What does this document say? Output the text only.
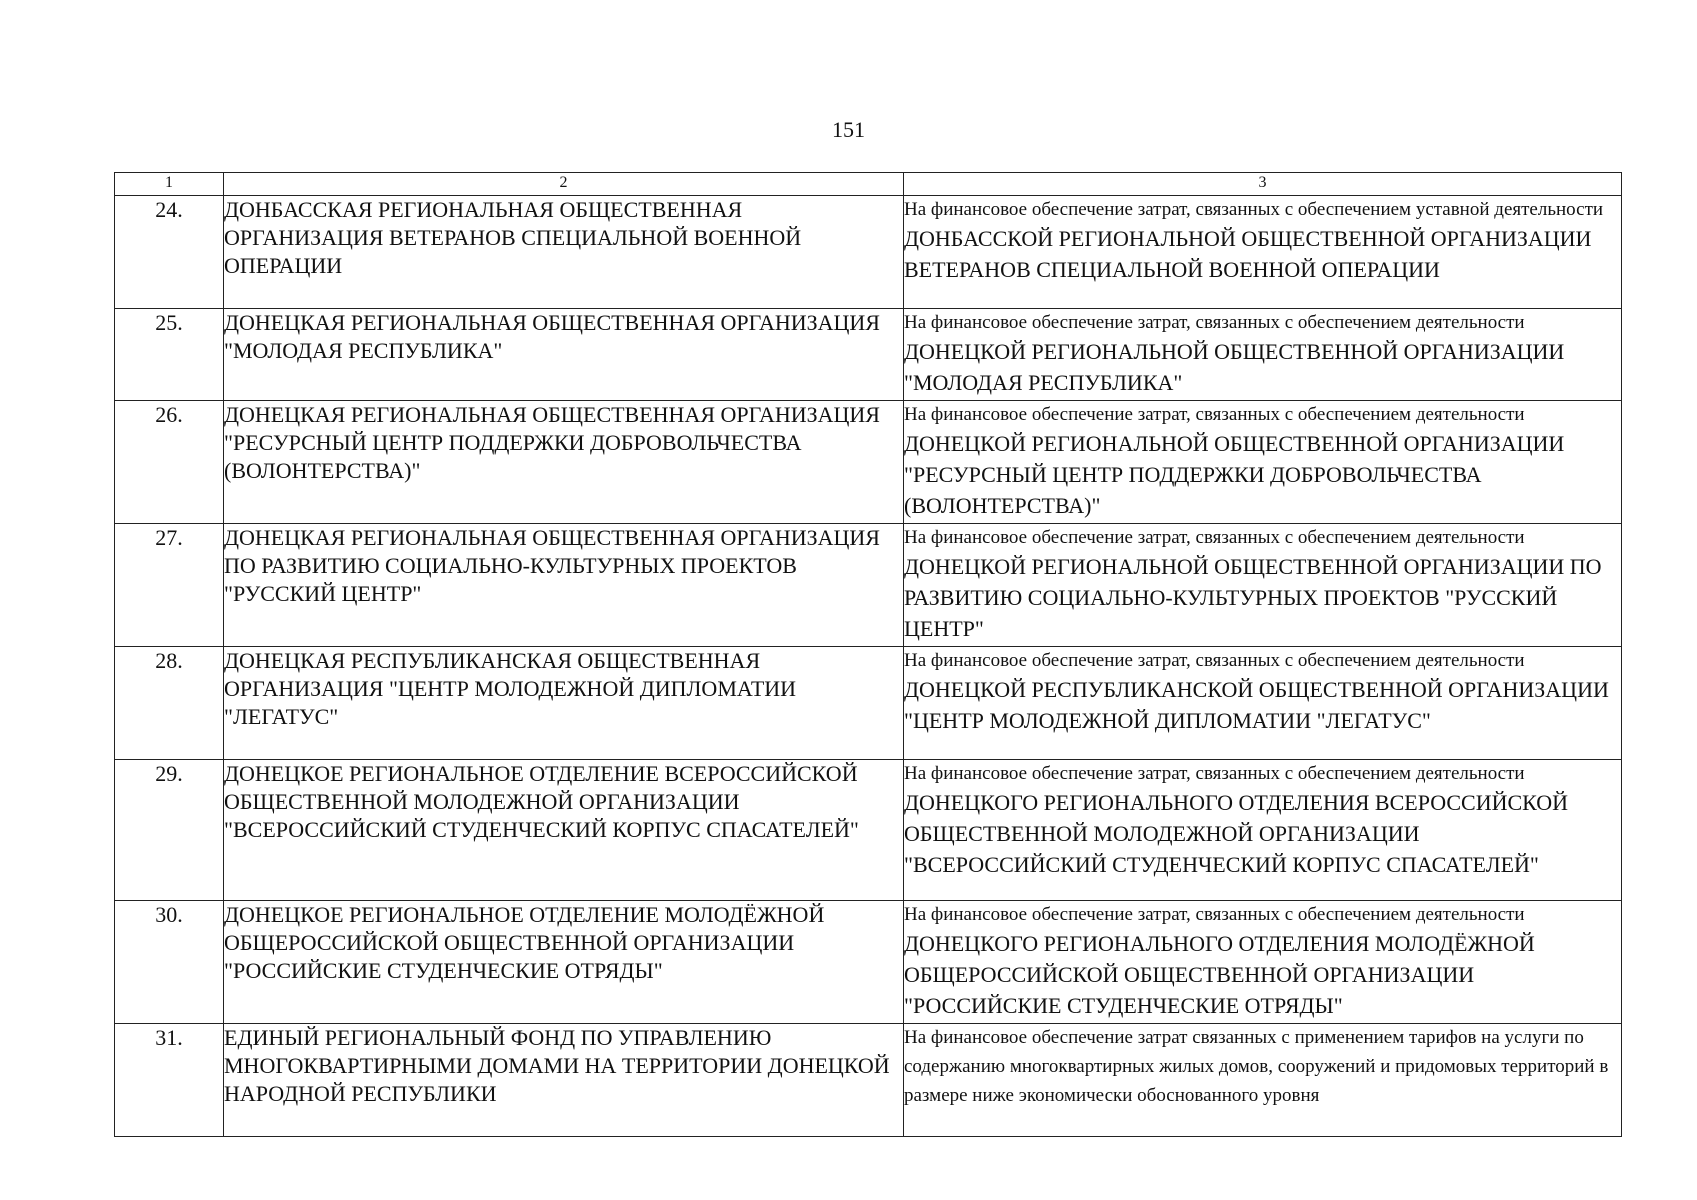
151
1	2	3
24.	ДОНБАССКАЯ РЕГИОНАЛЬНАЯ ОБЩЕСТВЕННАЯ ОРГАНИЗАЦИЯ ВЕТЕРАНОВ СПЕЦИАЛЬНОЙ ВОЕННОЙ ОПЕРАЦИИ	На финансовое обеспечение затрат, связанных с обеспечением уставной деятельности ДОНБАССКОЙ РЕГИОНАЛЬНОЙ ОБЩЕСТВЕННОЙ ОРГАНИЗАЦИИ ВЕТЕРАНОВ СПЕЦИАЛЬНОЙ ВОЕННОЙ ОПЕРАЦИИ
25.	ДОНЕЦКАЯ РЕГИОНАЛЬНАЯ ОБЩЕСТВЕННАЯ ОРГАНИЗАЦИЯ "МОЛОДАЯ РЕСПУБЛИКА"	На финансовое обеспечение затрат, связанных с обеспечением деятельности ДОНЕЦКОЙ РЕГИОНАЛЬНОЙ ОБЩЕСТВЕННОЙ ОРГАНИЗАЦИИ "МОЛОДАЯ РЕСПУБЛИКА"
26.	ДОНЕЦКАЯ РЕГИОНАЛЬНАЯ ОБЩЕСТВЕННАЯ ОРГАНИЗАЦИЯ "РЕСУРСНЫЙ ЦЕНТР ПОДДЕРЖКИ ДОБРОВОЛЬЧЕСТВА (ВОЛОНТЕРСТВА)"	На финансовое обеспечение затрат, связанных с обеспечением деятельности ДОНЕЦКОЙ РЕГИОНАЛЬНОЙ ОБЩЕСТВЕННОЙ ОРГАНИЗАЦИИ "РЕСУРСНЫЙ ЦЕНТР ПОДДЕРЖКИ ДОБРОВОЛЬЧЕСТВА (ВОЛОНТЕРСТВА)"
27.	ДОНЕЦКАЯ РЕГИОНАЛЬНАЯ ОБЩЕСТВЕННАЯ ОРГАНИЗАЦИЯ ПО РАЗВИТИЮ СОЦИАЛЬНО-КУЛЬТУРНЫХ ПРОЕКТОВ "РУССКИЙ ЦЕНТР"	На финансовое обеспечение затрат, связанных с обеспечением деятельности ДОНЕЦКОЙ РЕГИОНАЛЬНОЙ ОБЩЕСТВЕННОЙ ОРГАНИЗАЦИИ ПО РАЗВИТИЮ СОЦИАЛЬНО-КУЛЬТУРНЫХ ПРОЕКТОВ "РУССКИЙ ЦЕНТР"
28.	ДОНЕЦКАЯ РЕСПУБЛИКАНСКАЯ ОБЩЕСТВЕННАЯ ОРГАНИЗАЦИЯ "ЦЕНТР МОЛОДЕЖНОЙ ДИПЛОМАТИИ "ЛЕГАТУС"	На финансовое обеспечение затрат, связанных с обеспечением деятельности ДОНЕЦКОЙ РЕСПУБЛИКАНСКОЙ ОБЩЕСТВЕННОЙ ОРГАНИЗАЦИИ "ЦЕНТР МОЛОДЕЖНОЙ ДИПЛОМАТИИ "ЛЕГАТУС"
29.	ДОНЕЦКОЕ РЕГИОНАЛЬНОЕ ОТДЕЛЕНИЕ ВСЕРОССИЙСКОЙ ОБЩЕСТВЕННОЙ МОЛОДЕЖНОЙ ОРГАНИЗАЦИИ "ВСЕРОССИЙСКИЙ СТУДЕНЧЕСКИЙ КОРПУС СПАСАТЕЛЕЙ"	На финансовое обеспечение затрат, связанных с обеспечением деятельности ДОНЕЦКОГО РЕГИОНАЛЬНОГО ОТДЕЛЕНИЯ ВСЕРОССИЙСКОЙ ОБЩЕСТВЕННОЙ МОЛОДЕЖНОЙ ОРГАНИЗАЦИИ "ВСЕРОССИЙСКИЙ СТУДЕНЧЕСКИЙ КОРПУС СПАСАТЕЛЕЙ"
30.	ДОНЕЦКОЕ РЕГИОНАЛЬНОЕ ОТДЕЛЕНИЕ МОЛОДЁЖНОЙ ОБЩЕРОССИЙСКОЙ ОБЩЕСТВЕННОЙ ОРГАНИЗАЦИИ "РОССИЙСКИЕ СТУДЕНЧЕСКИЕ ОТРЯДЫ"	На финансовое обеспечение затрат, связанных с обеспечением деятельности ДОНЕЦКОГО РЕГИОНАЛЬНОГО ОТДЕЛЕНИЯ МОЛОДЁЖНОЙ ОБЩЕРОССИЙСКОЙ ОБЩЕСТВЕННОЙ ОРГАНИЗАЦИИ "РОССИЙСКИЕ СТУДЕНЧЕСКИЕ ОТРЯДЫ"
31.	ЕДИНЫЙ РЕГИОНАЛЬНЫЙ ФОНД ПО УПРАВЛЕНИЮ МНОГОКВАРТИРНЫМИ ДОМАМИ НА ТЕРРИТОРИИ ДОНЕЦКОЙ НАРОДНОЙ РЕСПУБЛИКИ	На финансовое обеспечение затрат связанных с применением тарифов на услуги по содержанию многоквартирных жилых домов, сооружений и придомовых территорий в размере ниже экономически обоснованного уровня
